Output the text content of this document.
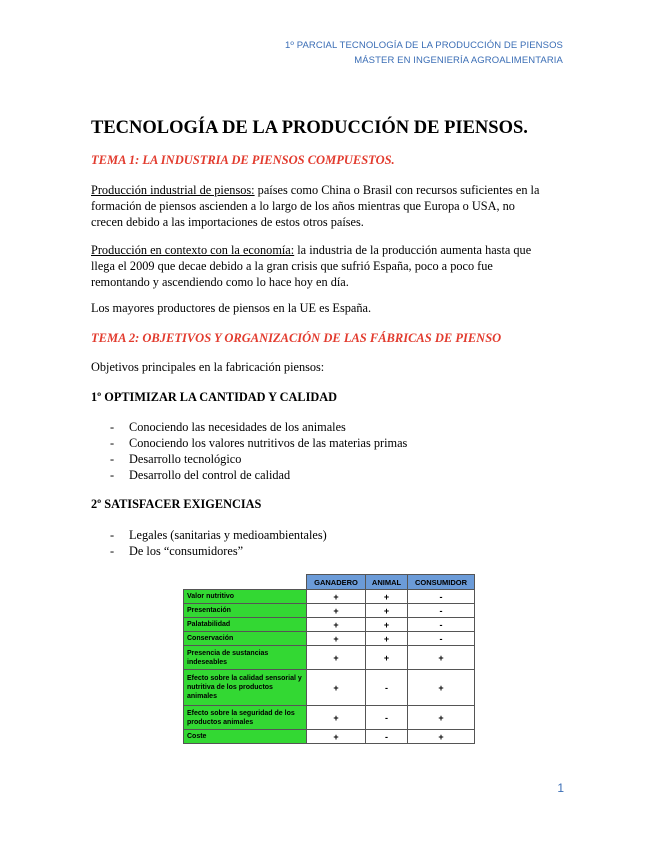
1º PARCIAL TECNOLOGÍA DE LA PRODUCCIÓN DE PIENSOS
MÁSTER EN INGENIERÍA AGROALIMENTARIA
TECNOLOGÍA DE LA PRODUCCIÓN DE PIENSOS.
TEMA 1: LA INDUSTRIA DE PIENSOS COMPUESTOS.
Producción industrial de piensos: países como China o Brasil con recursos suficientes en la formación de piensos ascienden a lo largo de los años mientras que Europa o USA, no crecen debido a las importaciones de estos otros países.
Producción en contexto con la economía: la industria de la producción aumenta hasta que llega el 2009 que decae debido a la gran crisis que sufrió España, poco a poco fue remontando y ascendiendo como lo hace hoy en día.
Los mayores productores de piensos en la UE es España.
TEMA 2: OBJETIVOS Y ORGANIZACIÓN DE LAS FÁBRICAS DE PIENSO
Objetivos principales en la fabricación piensos:
1º OPTIMIZAR LA CANTIDAD Y CALIDAD
- Conociendo las necesidades de los animales
- Conociendo los valores nutritivos de las materias primas
- Desarrollo tecnológico
- Desarrollo del control de calidad
2º SATISFACER EXIGENCIAS
- Legales (sanitarias y medioambientales)
- De los “consumidores”
	GANADERO	ANIMAL	CONSUMIDOR
Valor nutritivo	+	+	-
Presentación	+	+	-
Palatabilidad	+	+	-
Conservación	+	+	-
Presencia de sustancias indeseables	+	+	+
Efecto sobre la calidad sensorial y nutritiva de los productos animales	+	-	+
Efecto sobre la seguridad de los productos animales	+	-	+
Coste	+	-	+
1
